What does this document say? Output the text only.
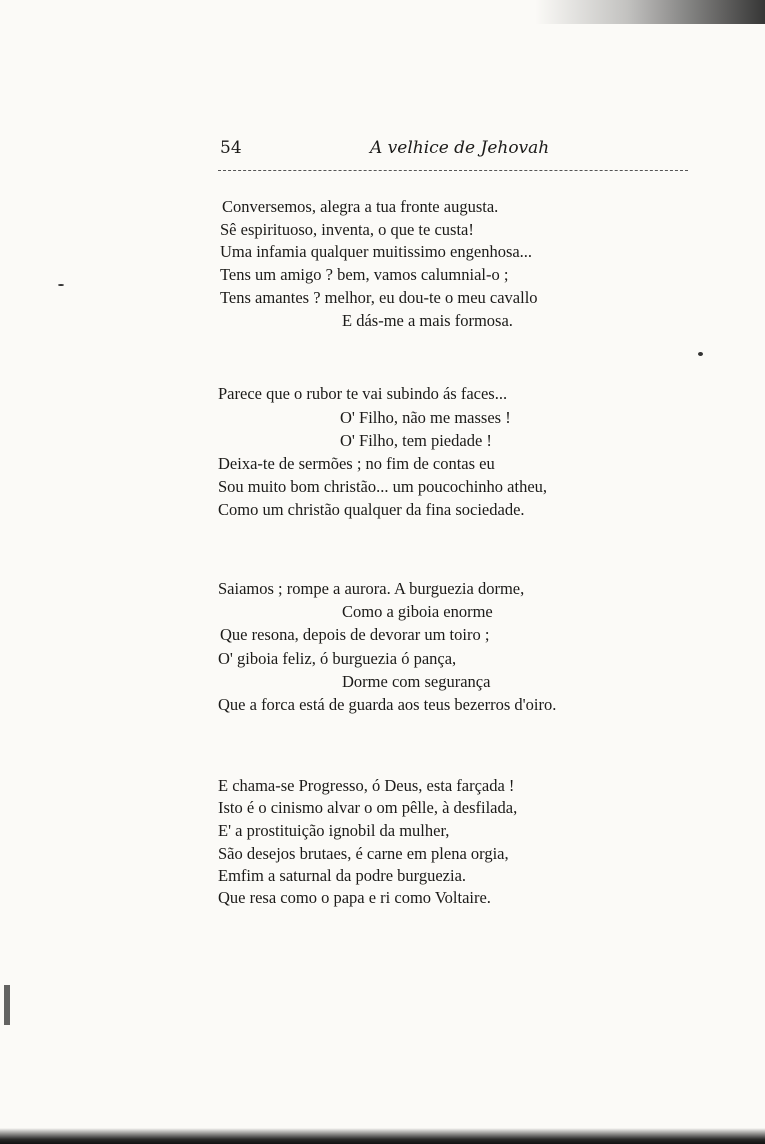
54	A velhice de Jehovah
Conversemos, alegra a tua fronte augusta.
Sê espirituoso, inventa, o que te custa!
Uma infamia qualquer muitissimo engenhosa...
Tens um amigo ? bem, vamos calumnial-o ;
Tens amantes ? melhor, eu dou-te o meu cavallo
E dás-me a mais formosa.
Parece que o rubor te vai subindo ás faces...
O' Filho, não me masses !
O' Filho, tem piedade !
Deixa-te de sermões ; no fim de contas eu
Sou muito bom christão... um poucochinho atheu,
Como um christão qualquer da fina sociedade.
Saiamos ; rompe a aurora. A burguezia dorme,
Como a giboia enorme
Que resona, depois de devorar um toiro ;
O' giboia feliz, ó burguezia ó pança,
Dorme com segurança
Que a forca está de guarda aos teus bezerros d'oiro.
E chama-se Progresso, ó Deus, esta farçada !
Isto é o cinismo alvar o om pêlle, à desfilada,
E' a prostituição ignobil da mulher,
São desejos brutaes, é carne em plena orgia,
Emfim a saturnal da podre burguezia.
Que resa como o papa e ri como Voltaire.
